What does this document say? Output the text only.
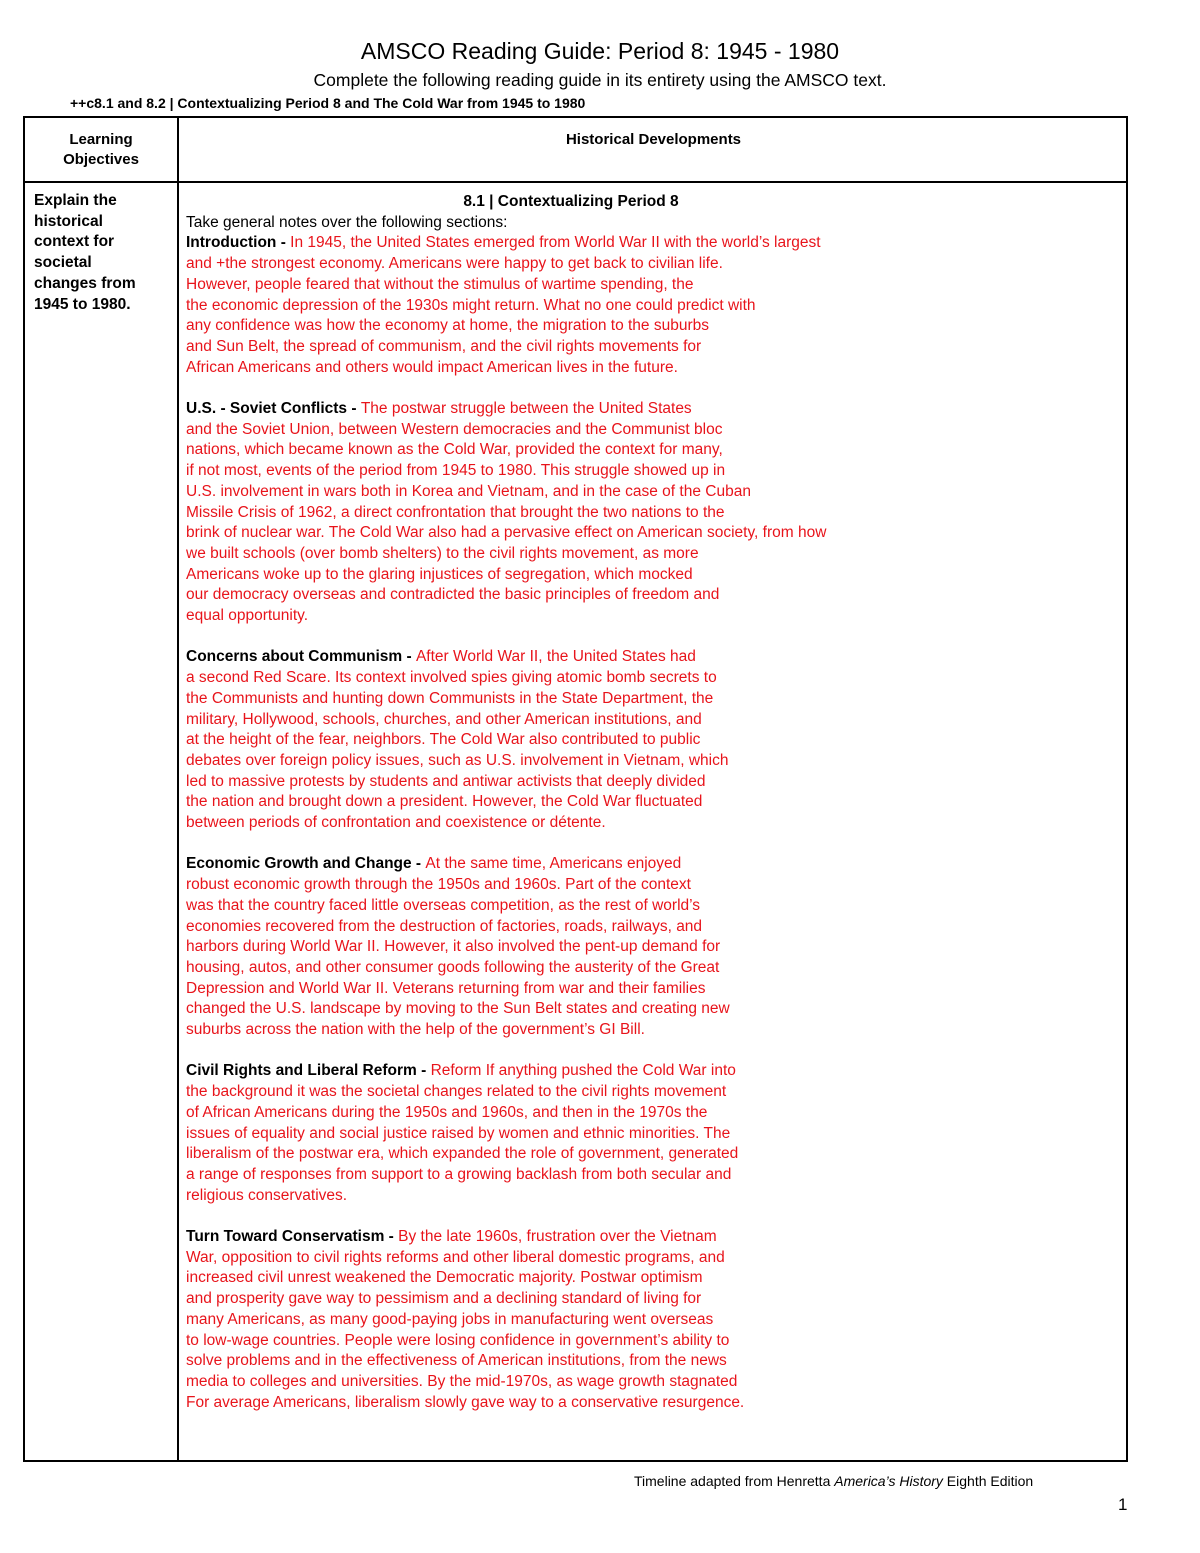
AMSCO Reading Guide: Period 8: 1945 - 1980
Complete the following reading guide in its entirety using the AMSCO text.
++c8.1 and 8.2 | Contextualizing Period 8 and The Cold War from 1945 to 1980
Learning
Objectives
Historical Developments
Explain the
historical
context for
societal
changes from
1945 to 1980.
8.1 | Contextualizing Period 8
Take general notes over the following sections:
Introduction - In 1945, the United States emerged from World War II with the world’s largest
and +the strongest economy. Americans were happy to get back to civilian life.
However, people feared that without the stimulus of wartime spending, the
the economic depression of the 1930s might return. What no one could predict with
any confidence was how the economy at home, the migration to the suburbs
and Sun Belt, the spread of communism, and the civil rights movements for
African Americans and others would impact American lives in the future.
U.S. - Soviet Conflicts - The postwar struggle between the United States
and the Soviet Union, between Western democracies and the Communist bloc
nations, which became known as the Cold War, provided the context for many,
if not most, events of the period from 1945 to 1980. This struggle showed up in
U.S. involvement in wars both in Korea and Vietnam, and in the case of the Cuban
Missile Crisis of 1962, a direct confrontation that brought the two nations to the
brink of nuclear war. The Cold War also had a pervasive effect on American society, from how
we built schools (over bomb shelters) to the civil rights movement, as more
Americans woke up to the glaring injustices of segregation, which mocked
our democracy overseas and contradicted the basic principles of freedom and
equal opportunity.
Concerns about Communism - After World War II, the United States had
a second Red Scare. Its context involved spies giving atomic bomb secrets to
the Communists and hunting down Communists in the State Department, the
military, Hollywood, schools, churches, and other American institutions, and
at the height of the fear, neighbors. The Cold War also contributed to public
debates over foreign policy issues, such as U.S. involvement in Vietnam, which
led to massive protests by students and antiwar activists that deeply divided
the nation and brought down a president. However, the Cold War fluctuated
between periods of confrontation and coexistence or détente.
Economic Growth and Change - At the same time, Americans enjoyed
robust economic growth through the 1950s and 1960s. Part of the context
was that the country faced little overseas competition, as the rest of world’s
economies recovered from the destruction of factories, roads, railways, and
harbors during World War II. However, it also involved the pent-up demand for
housing, autos, and other consumer goods following the austerity of the Great
Depression and World War II. Veterans returning from war and their families
changed the U.S. landscape by moving to the Sun Belt states and creating new
suburbs across the nation with the help of the government’s GI Bill.
Civil Rights and Liberal Reform - Reform If anything pushed the Cold War into
the background it was the societal changes related to the civil rights movement
of African Americans during the 1950s and 1960s, and then in the 1970s the
issues of equality and social justice raised by women and ethnic minorities. The
liberalism of the postwar era, which expanded the role of government, generated
a range of responses from support to a growing backlash from both secular and
religious conservatives.
Turn Toward Conservatism - By the late 1960s, frustration over the Vietnam
War, opposition to civil rights reforms and other liberal domestic programs, and
increased civil unrest weakened the Democratic majority. Postwar optimism
and prosperity gave way to pessimism and a declining standard of living for
many Americans, as many good-paying jobs in manufacturing went overseas
to low-wage countries. People were losing confidence in government’s ability to
solve problems and in the effectiveness of American institutions, from the news
media to colleges and universities. By the mid-1970s, as wage growth stagnated
For average Americans, liberalism slowly gave way to a conservative resurgence.
Timeline adapted from Henretta America’s History Eighth Edition
1
